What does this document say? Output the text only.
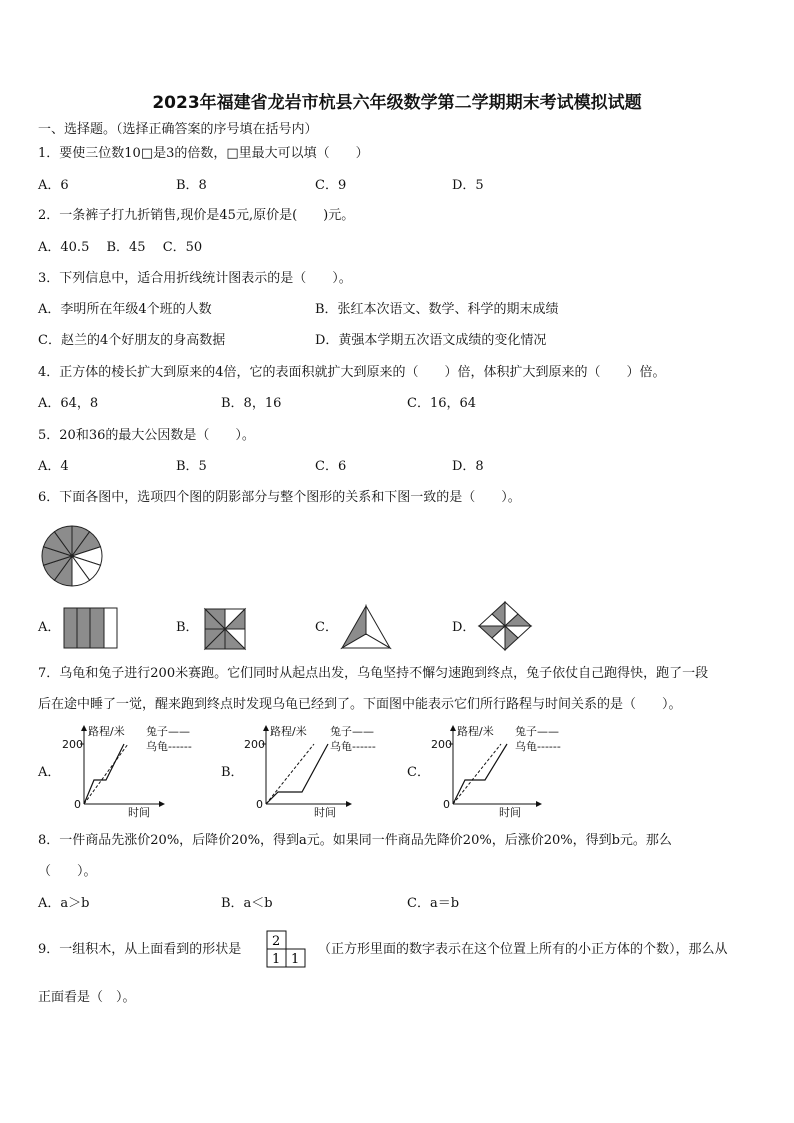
2023年福建省龙岩市杭县六年级数学第二学期期末考试模拟试题
一、选择题。（选择正确答案的序号填在括号内）
1．要使三位数10□是3的倍数，□里最大可以填（　　）
A．6	B．8	C．9	D．5
2．一条裤子打九折销售,现价是45元,原价是(　　)元。
A．40.5　 B．45　 C．50
3．下列信息中，适合用折线统计图表示的是（　　）。
A．李明所在年级4个班的人数	B．张红本次语文、数学、科学的期末成绩
C．赵兰的4个好朋友的身高数据	D．黄强本学期五次语文成绩的变化情况
4．正方体的棱长扩大到原来的4倍，它的表面积就扩大到原来的（　　）倍，体积扩大到原来的（　　）倍。
A．64，8	B．8，16	C．16，64
5．20和36的最大公因数是（　　）。
A．4	B．5	C．6	D．8
6．下面各图中，选项四个图的阴影部分与整个图形的关系和下图一致的是（　　）。
A．	B．	C．	D．
7．乌龟和兔子进行200米赛跑。它们同时从起点出发，乌龟坚持不懈匀速跑到终点，兔子依仗自己跑得快，跑了一段
后在途中睡了一觉，醒来跑到终点时发现乌龟已经到了。下面图中能表示它们所行路程与时间关系的是（　　）。
A．
200
0
路程/米
时间
兔子——
乌龟------
B．
200
0
路程/米
时间
兔子——
乌龟------
C．
200
0
路程/米
时间
兔子——
乌龟------
8．一件商品先涨价20%，后降价20%，得到a元。如果同一件商品先降价20%，后涨价20%，得到b元。那么
（　　）。
A．a＞b	B．a＜b	C．a＝b
9．一组积木，从上面看到的形状是
2
1 1
（正方形里面的数字表示在这个位置上所有的小正方体的个数），那么从
正面看是（　）。
